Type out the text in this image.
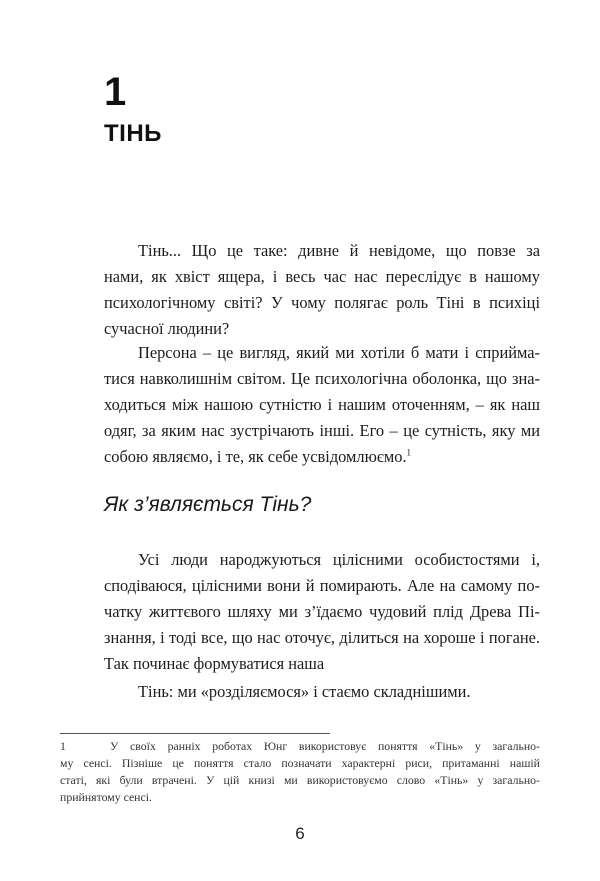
1
ТІНЬ
Тінь... Що це таке: дивне й невідоме, що повзе за
нами, як хвіст ящера, і весь час нас переслідує в нашому
психологічному світі? У чому полягає роль Тіні в психіці
сучасної людини?
Персона – це вигляд, який ми хотіли б мати і сприйма-
тися навколишнім світом. Це психологічна оболонка, що зна-
ходиться між нашою сутністю і нашим оточенням, – як наш
одяг, за яким нас зустрічають інші. Его – це сутність, яку ми
собою являємо, і те, як себе усвідомлюємо.$^1$
Як з’являється Тінь?
Усі люди народжуються цілісними особистостями і,
сподіваюся, цілісними вони й помирають. Але на самому по-
чатку життєвого шляху ми з’їдаємо чудовий плід Древа Пі-
знання, і тоді все, що нас оточує, ділиться на хороше і погане.
Так починає формуватися наша
Тінь: ми «розділяємося» і стаємо складнішими.
1	У своїх ранніх роботах Юнг використовує поняття «Тінь» у загально-
му сенсі. Пізніше це поняття стало позначати характерні риси, притаманні нашій
статі, які були втрачені. У цій книзі ми використовуємо слово «Тінь» у загально-
прийнятому сенсі.
6
